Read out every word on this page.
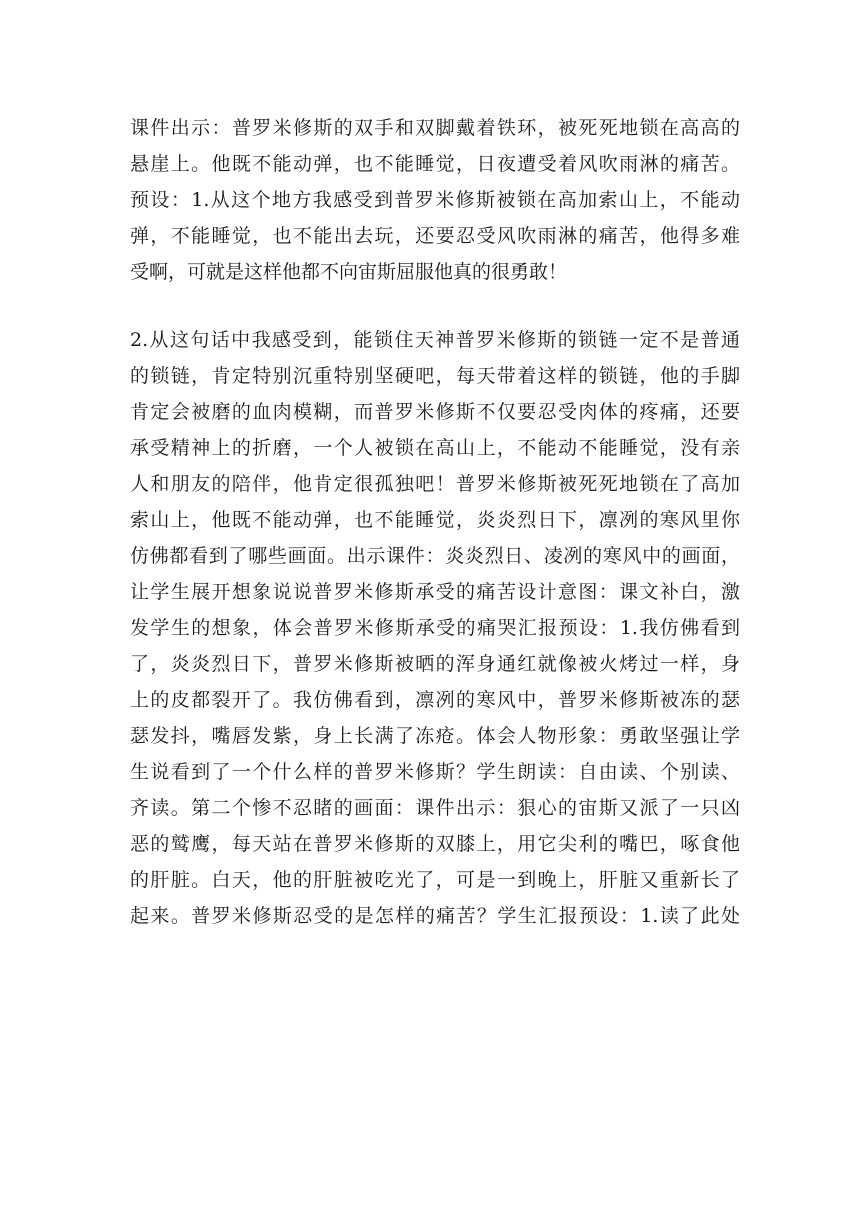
课件出示：普罗米修斯的双手和双脚戴着铁环，被死死地锁在高高的
悬崖上。他既不能动弹，也不能睡觉，日夜遭受着风吹雨淋的痛苦。
预设：1.从这个地方我感受到普罗米修斯被锁在高加索山上，不能动
弹，不能睡觉，也不能出去玩，还要忍受风吹雨淋的痛苦，他得多难
受啊，可就是这样他都不向宙斯屈服他真的很勇敢！
2.从这句话中我感受到，能锁住天神普罗米修斯的锁链一定不是普通
的锁链，肯定特别沉重特别坚硬吧，每天带着这样的锁链，他的手脚
肯定会被磨的血肉模糊，而普罗米修斯不仅要忍受肉体的疼痛，还要
承受精神上的折磨，一个人被锁在高山上，不能动不能睡觉，没有亲
人和朋友的陪伴，他肯定很孤独吧！普罗米修斯被死死地锁在了高加
索山上，他既不能动弹，也不能睡觉，炎炎烈日下，凛冽的寒风里你
仿佛都看到了哪些画面。出示课件：炎炎烈日、凌冽的寒风中的画面，
让学生展开想象说说普罗米修斯承受的痛苦设计意图：课文补白，激
发学生的想象，体会普罗米修斯承受的痛哭汇报预设：1.我仿佛看到
了，炎炎烈日下，普罗米修斯被晒的浑身通红就像被火烤过一样，身
上的皮都裂开了。我仿佛看到，凛冽的寒风中，普罗米修斯被冻的瑟
瑟发抖，嘴唇发紫，身上长满了冻疮。体会人物形象：勇敢坚强让学
生说看到了一个什么样的普罗米修斯？学生朗读：自由读、个别读、
齐读。第二个惨不忍睹的画面：课件出示：狠心的宙斯又派了一只凶
恶的鹫鹰，每天站在普罗米修斯的双膝上，用它尖利的嘴巴，啄食他
的肝脏。白天，他的肝脏被吃光了，可是一到晚上，肝脏又重新长了
起来。普罗米修斯忍受的是怎样的痛苦？学生汇报预设：1.读了此处
